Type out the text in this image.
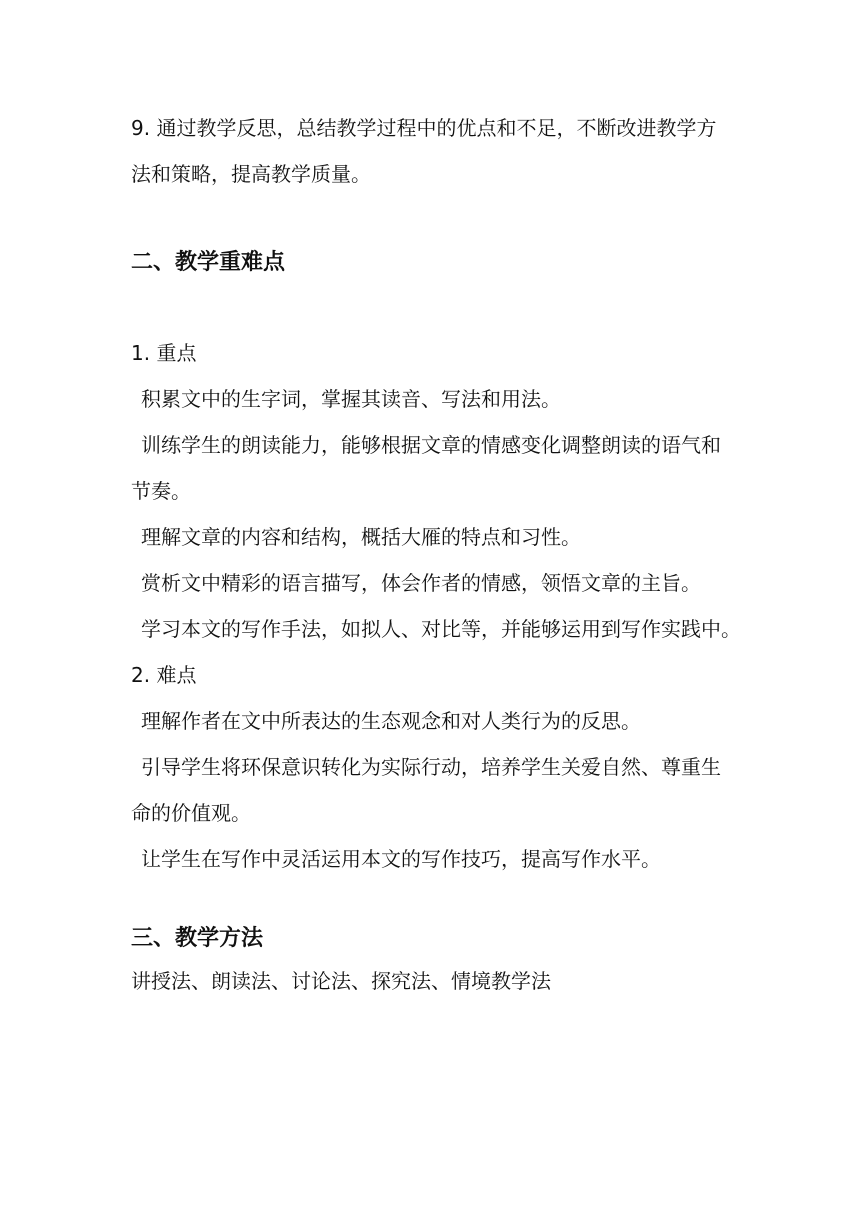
9. 通过教学反思，总结教学过程中的优点和不足，不断改进教学方
法和策略，提高教学质量。
二、教学重难点
1. 重点
积累文中的生字词，掌握其读音、写法和用法。
训练学生的朗读能力，能够根据文章的情感变化调整朗读的语气和
节奏。
理解文章的内容和结构，概括大雁的特点和习性。
赏析文中精彩的语言描写，体会作者的情感，领悟文章的主旨。
学习本文的写作手法，如拟人、对比等，并能够运用到写作实践中。
2. 难点
理解作者在文中所表达的生态观念和对人类行为的反思。
引导学生将环保意识转化为实际行动，培养学生关爱自然、尊重生
命的价值观。
让学生在写作中灵活运用本文的写作技巧，提高写作水平。
三、教学方法
讲授法、朗读法、讨论法、探究法、情境教学法
